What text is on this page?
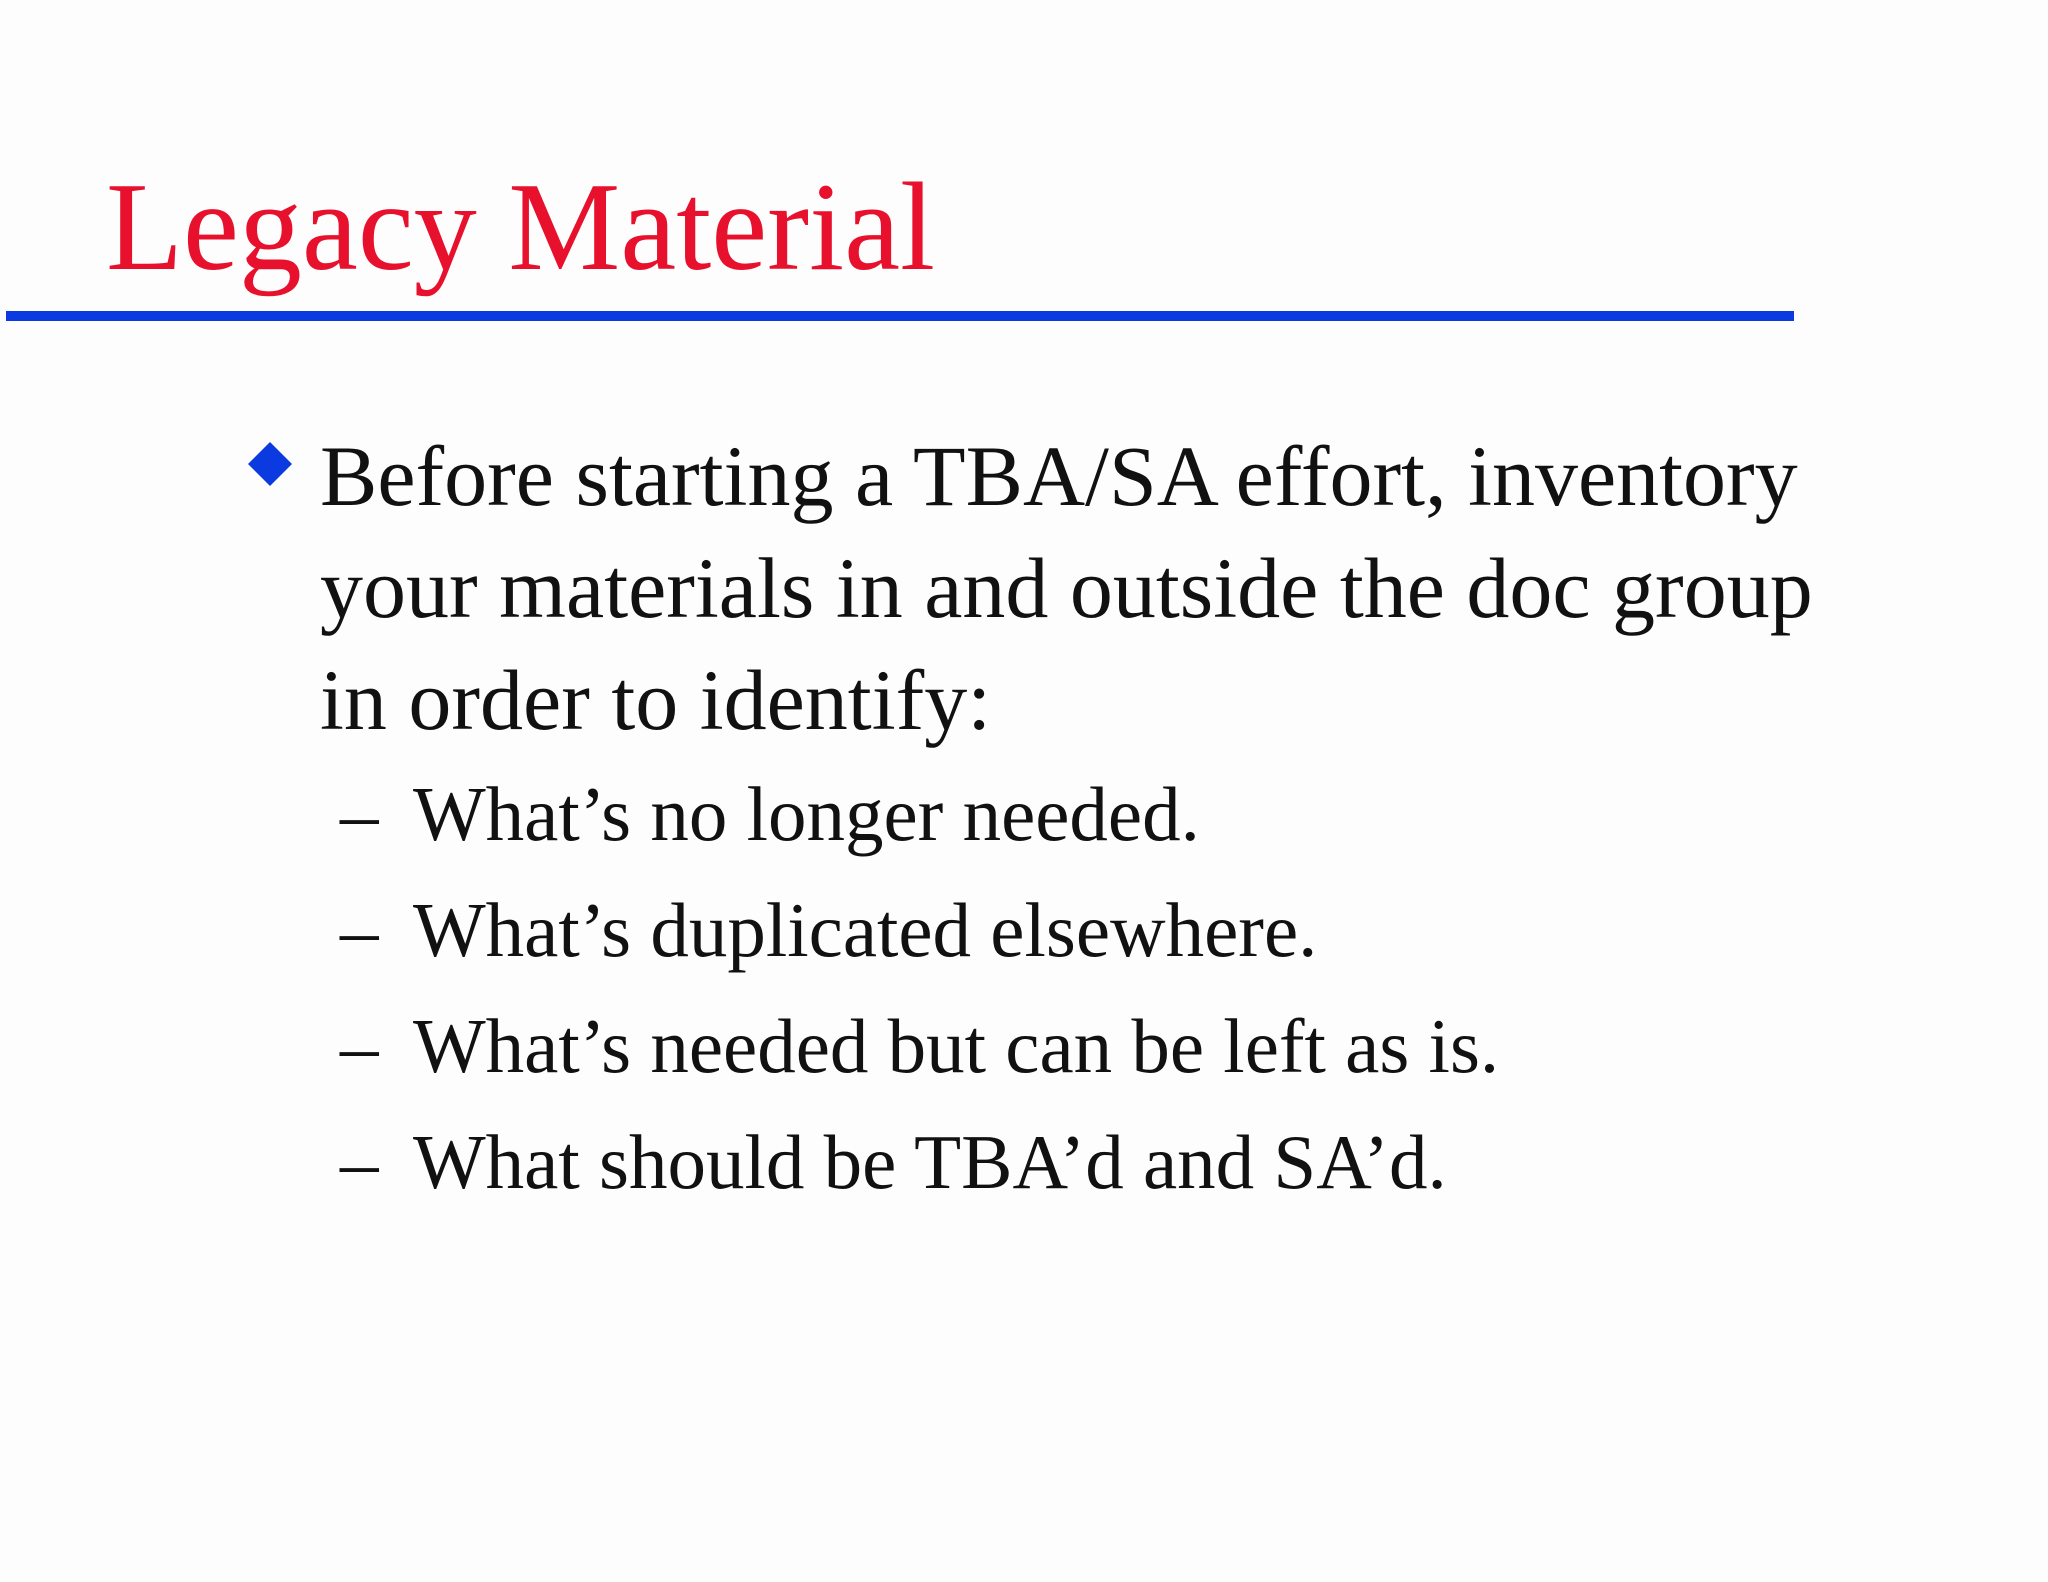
Legacy Material

Before starting a TBA/SA effort, inventory
your materials in and outside the doc group
in order to identify:

– What’s no longer needed.
– What’s duplicated elsewhere.
– What’s needed but can be left as is.
– What should be TBA’d and SA’d.
